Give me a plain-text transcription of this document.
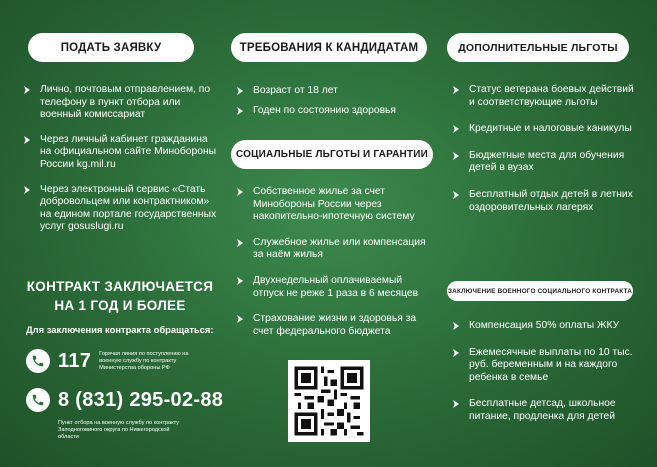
ПОДАТЬ ЗАЯВКУ
Лично, почтовым отправлением, по телефону в пункт отбора или военный комиссариат
Через личный кабинет гражданина на официальном сайте Минобороны России kg.mil.ru
Через электронный сервис «Стать добровольцем или контрактником» на едином портале государственных услуг gosuslugi.ru
КОНТРАКТ ЗАКЛЮЧАЕТСЯ
НА 1 ГОД И БОЛЕЕ
Для заключения контракта обращаться:
117 Горячая линия по поступлению на военную службу по контракту Министерства обороны РФ
8 (831) 295-02-88
Пункт отбора на военную службу по контракту Заподноговиного округа по Нижегородской области
ТРЕБОВАНИЯ К КАНДИДАТАМ
Возраст от 18 лет
Годен по состоянию здоровья
СОЦИАЛЬНЫЕ ЛЬГОТЫ И ГАРАНТИИ
Собственное жилье за счет Минобороны России через накопительно-ипотечную систему
Служебное жилье или компенсация за наём жилья
Двухнедельный оплачиваемый отпуск не реже 1 раза в 6 месяцев
Страхование жизни и здоровья за счет федерального бюджета
ДОПОЛНИТЕЛЬНЫЕ ЛЬГОТЫ
Статус ветерана боевых действий и соответствующие льготы
Кредитные и налоговые каникулы
Бюджетные места для обучения детей в вузах
Бесплатный отдых детей в летних оздоровительных лагерях
ЗАКЛЮЧЕНИЕ ВОЕННОГО СОЦИАЛЬНОГО КОНТРАКТА
Компенсация 50% оплаты ЖКУ
Ежемесячные выплаты по 10 тыс. руб. беременным и на каждого ребенка в семье
Бесплатные детсад, школьное питание, продленка для детей
